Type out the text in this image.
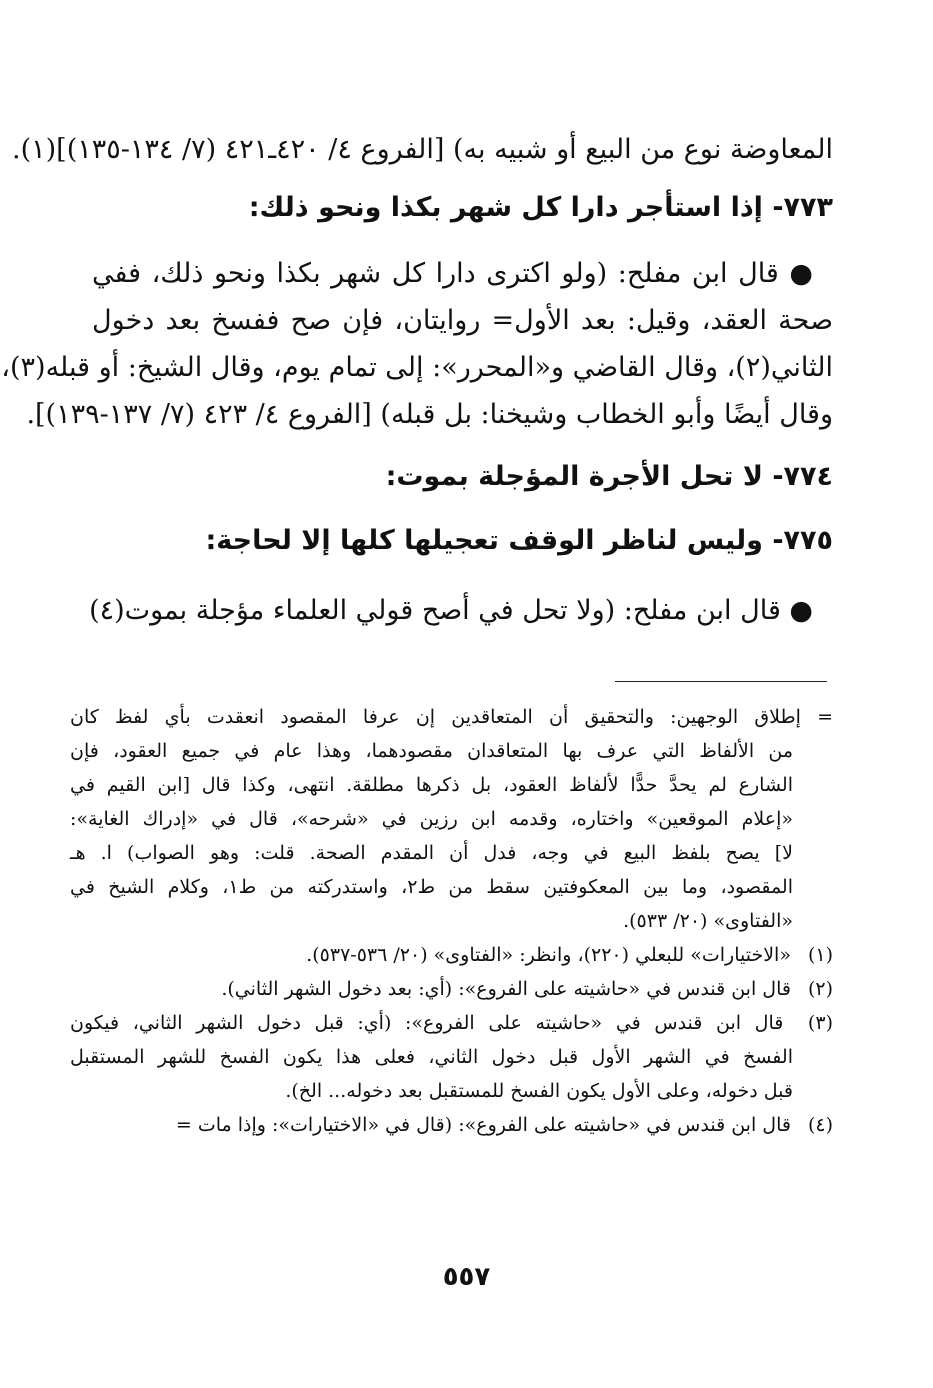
المعاوضة نوع من البيع أو شبيه به) [الفروع ٤/ ٤٢٠ـ٤٢١ (٧/ ١٣٤-١٣٥)](١).
٧٧٣- إذا استأجر دارا كل شهر بكذا ونحو ذلك:
● قال ابن مفلح: (ولو اكترى دارا كل شهر بكذا ونحو ذلك، ففي
صحة العقد، وقيل: بعد الأول= روايتان، فإن صح ففسخ بعد دخول
الثاني(٢)، وقال القاضي و«المحرر»: إلى تمام يوم، وقال الشيخ: أو قبله(٣)،
وقال أيضًا وأبو الخطاب وشيخنا: بل قبله) [الفروع ٤/ ٤٢٣ (٧/ ١٣٧-١٣٩)].
٧٧٤- لا تحل الأجرة المؤجلة بموت:
٧٧٥- وليس لناظر الوقف تعجيلها كلها إلا لحاجة:
● قال ابن مفلح: (ولا تحل في أصح قولي العلماء مؤجلة بموت(٤)
= إطلاق الوجهين: والتحقيق أن المتعاقدين إن عرفا المقصود انعقدت بأي لفظ كان
من الألفاظ التي عرف بها المتعاقدان مقصودهما، وهذا عام في جميع العقود، فإن
الشارع لم يحدَّ حدًّا لألفاظ العقود، بل ذكرها مطلقة. انتهى، وكذا قال [ابن القيم في
«إعلام الموقعين» واختاره، وقدمه ابن رزين في «شرحه»، قال في «إدراك الغاية»:
لا] يصح بلفظ البيع في وجه، فدل أن المقدم الصحة. قلت: وهو الصواب) ا. هـ
المقصود، وما بين المعكوفتين سقط من ط٢، واستدركته من ط١، وكلام الشيخ في
«الفتاوى» (٢٠/ ٥٣٣).
(١) «الاختيارات» للبعلي (٢٢٠)، وانظر: «الفتاوى» (٢٠/ ٥٣٦-٥٣٧).
(٢) قال ابن قندس في «حاشيته على الفروع»: (أي: بعد دخول الشهر الثاني).
(٣) قال ابن قندس في «حاشيته على الفروع»: (أي: قبل دخول الشهر الثاني، فيكون
الفسخ في الشهر الأول قبل دخول الثاني، فعلى هذا يكون الفسخ للشهر المستقبل
قبل دخوله، وعلى الأول يكون الفسخ للمستقبل بعد دخوله... الخ).
(٤) قال ابن قندس في «حاشيته على الفروع»: (قال في «الاختيارات»: وإذا مات =
٥٥٧
